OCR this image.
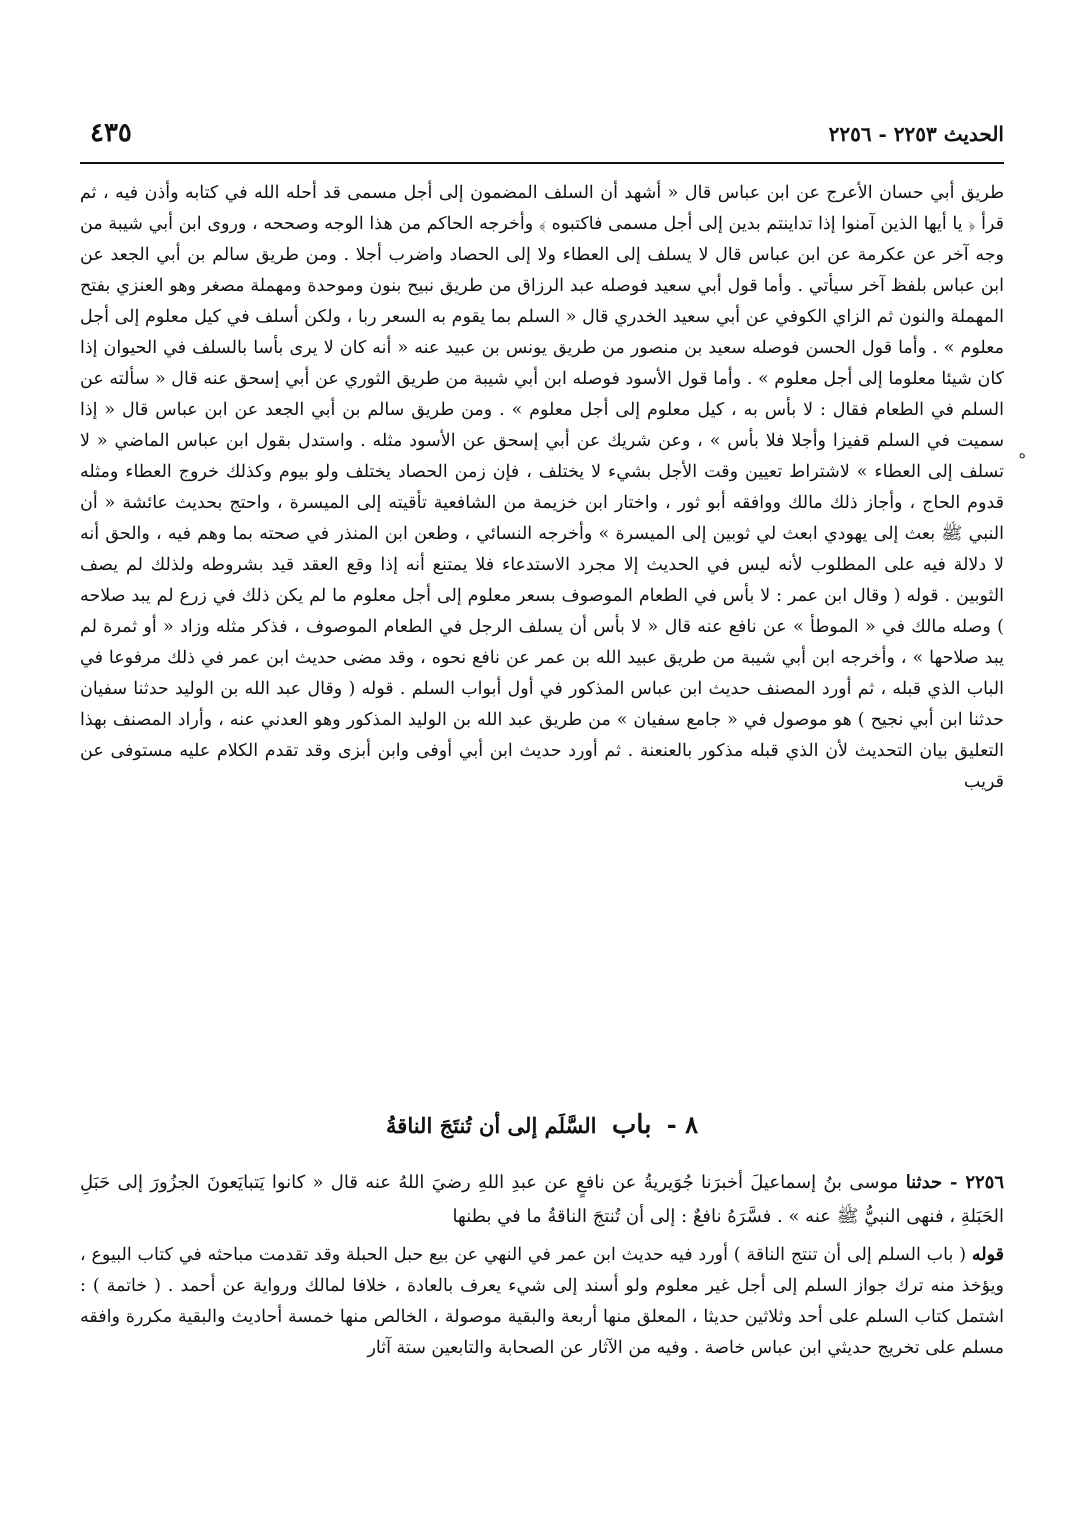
الحديث ٢٢٥٣ - ٢٢٥٦
٤٣٥
ه

طريق أبي حسان الأعرج عن ابن عباس قال « أشهد أن السلف المضمون إلى أجل مسمى قد أحله الله في كتابه وأذن فيه ، ثم قرأ ﴿ يا أيها الذين آمنوا إذا تداينتم بدين إلى أجل مسمى فاكتبوه ﴾ وأخرجه الحاكم من هذا الوجه وصححه ، وروى ابن أبي شيبة من وجه آخر عن عكرمة عن ابن عباس قال لا يسلف إلى العطاء ولا إلى الحصاد واضرب أجلا . ومن طريق سالم بن أبي الجعد عن ابن عباس بلفظ آخر سيأتي . وأما قول أبي سعيد فوصله عبد الرزاق من طريق نبيح بنون وموحدة ومهملة مصغر وهو العنزي بفتح المهملة والنون ثم الزاي الكوفي عن أبي سعيد الخدري قال « السلم بما يقوم به السعر ربا ، ولكن أسلف في كيل معلوم إلى أجل معلوم » . وأما قول الحسن فوصله سعيد بن منصور من طريق يونس بن عبيد عنه « أنه كان لا يرى بأسا بالسلف في الحيوان إذا كان شيئا معلوما إلى أجل معلوم » . وأما قول الأسود فوصله ابن أبي شيبة من طريق الثوري عن أبي إسحق عنه قال « سألته عن السلم في الطعام فقال : لا بأس به ، كيل معلوم إلى أجل معلوم » . ومن طريق سالم بن أبي الجعد عن ابن عباس قال « إذا سميت في السلم قفيزا وأجلا فلا بأس » ، وعن شريك عن أبي إسحق عن الأسود مثله . واستدل بقول ابن عباس الماضي « لا تسلف إلى العطاء » لاشتراط تعيين وقت الأجل بشيء لا يختلف ، فإن زمن الحصاد يختلف ولو بيوم وكذلك خروج العطاء ومثله قدوم الحاج ، وأجاز ذلك مالك ووافقه أبو ثور ، واختار ابن خزيمة من الشافعية تأقيته إلى الميسرة ، واحتج بحديث عائشة « أن النبي ﷺ بعث إلى يهودي ابعث لي ثوبين إلى الميسرة » وأخرجه النسائي ، وطعن ابن المنذر في صحته بما وهم فيه ، والحق أنه لا دلالة فيه على المطلوب لأنه ليس في الحديث إلا مجرد الاستدعاء فلا يمتنع أنه إذا وقع العقد قيد بشروطه ولذلك لم يصف الثوبين . قوله ( وقال ابن عمر : لا بأس في الطعام الموصوف بسعر معلوم إلى أجل معلوم ما لم يكن ذلك في زرع لم يبد صلاحه ) وصله مالك في « الموطأ » عن نافع عنه قال « لا بأس أن يسلف الرجل في الطعام الموصوف ، فذكر مثله وزاد « أو ثمرة لم يبد صلاحها » ، وأخرجه ابن أبي شيبة من طريق عبيد الله بن عمر عن نافع نحوه ، وقد مضى حديث ابن عمر في ذلك مرفوعا في الباب الذي قبله ، ثم أورد المصنف حديث ابن عباس المذكور في أول أبواب السلم . قوله ( وقال عبد الله بن الوليد حدثنا سفيان حدثنا ابن أبي نجيح ) هو موصول في « جامع سفيان » من طريق عبد الله بن الوليد المذكور وهو العدني عنه ، وأراد المصنف بهذا التعليق بيان التحديث لأن الذي قبله مذكور بالعنعنة . ثم أورد حديث ابن أبي أوفى وابن أبزى وقد تقدم الكلام عليه مستوفى عن قريب

٨ - باب السَّلَم إلى أن تُنتَجَ الناقةُ
٢٢٥٦ - حدثنا موسى بنُ إسماعيلَ أخبرَنا جُوَيريةُ عن نافعٍ عن عبدِ اللهِ رضيَ اللهُ عنه قال « كانوا يَتبايَعونَ الجزُورَ إلى حَبَلِ الحَبَلةِ ، فنهى النبيُّ ﷺ عنه » . فسَّرَهُ نافعٌ : إلى أن تُنتجَ الناقةُ ما في بطنها
قوله ( باب السلم إلى أن تنتج الناقة ) أورد فيه حديث ابن عمر في النهي عن بيع حبل الحبلة وقد تقدمت مباحثه في كتاب البيوع ، ويؤخذ منه ترك جواز السلم إلى أجل غير معلوم ولو أسند إلى شيء يعرف بالعادة ، خلافا لمالك ورواية عن أحمد . ( خاتمة ) : اشتمل كتاب السلم على أحد وثلاثين حديثا ، المعلق منها أربعة والبقية موصولة ، الخالص منها خمسة أحاديث والبقية مكررة وافقه مسلم على تخريج حديثي ابن عباس خاصة . وفيه من الآثار عن الصحابة والتابعين ستة آثار
